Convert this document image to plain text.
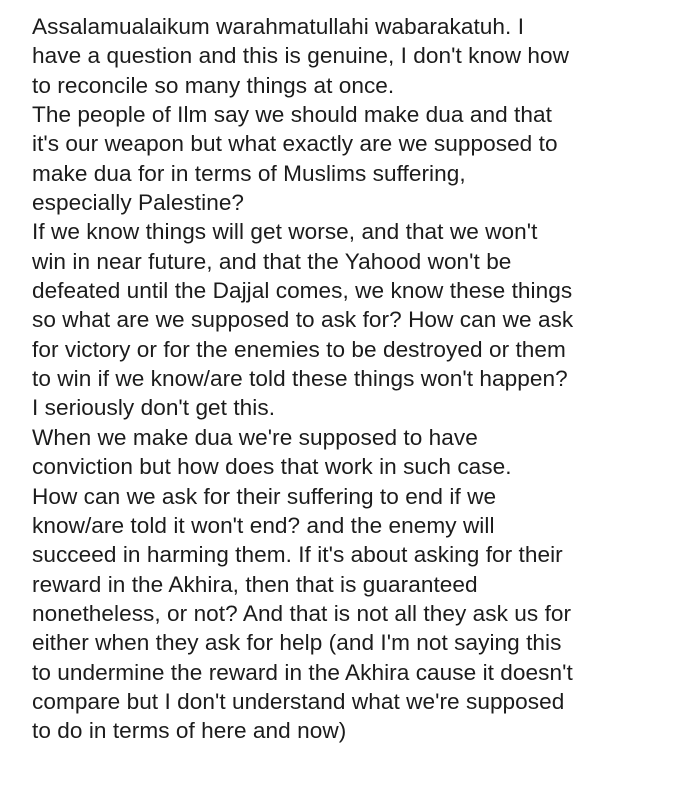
Assalamualaikum warahmatullahi wabarakatuh. I
have a question and this is genuine, I don't know how
to reconcile so many things at once.
The people of Ilm say we should make dua and that
it's our weapon but what exactly are we supposed to
make dua for in terms of Muslims suffering,
especially Palestine?
If we know things will get worse, and that we won't
win in near future, and that the Yahood won't be
defeated until the Dajjal comes, we know these things
so what are we supposed to ask for? How can we ask
for victory or for the enemies to be destroyed or them
to win if we know/are told these things won't happen?
I seriously don't get this.
When we make dua we're supposed to have
conviction but how does that work in such case.
How can we ask for their suffering to end if we
know/are told it won't end? and the enemy will
succeed in harming them. If it's about asking for their
reward in the Akhira, then that is guaranteed
nonetheless, or not? And that is not all they ask us for
either when they ask for help (and I'm not saying this
to undermine the reward in the Akhira cause it doesn't
compare but I don't understand what we're supposed
to do in terms of here and now)
